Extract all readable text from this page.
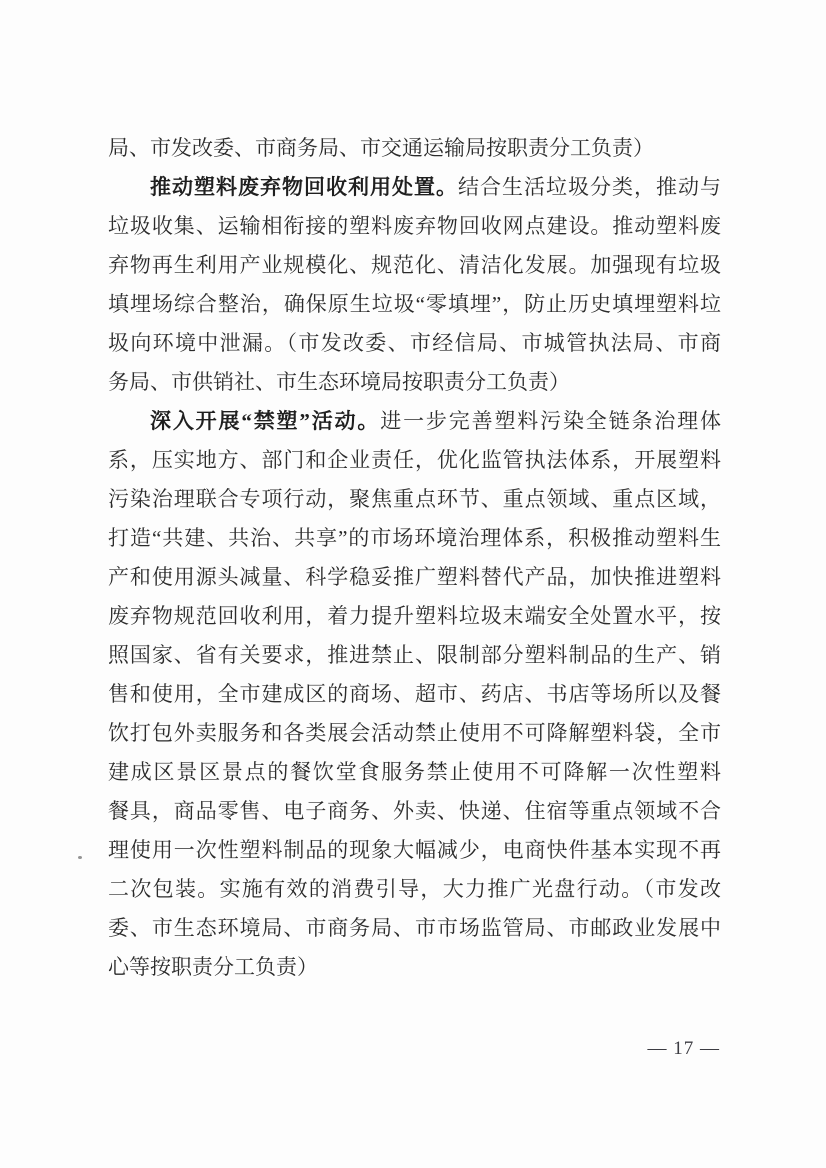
局、市发改委、市商务局、市交通运输局按职责分工负责）
推动塑料废弃物回收利用处置。结合生活垃圾分类，推动与
垃圾收集、运输相衔接的塑料废弃物回收网点建设。推动塑料废
弃物再生利用产业规模化、规范化、清洁化发展。加强现有垃圾
填埋场综合整治，确保原生垃圾“零填埋”，防止历史填埋塑料垃
圾向环境中泄漏。（市发改委、市经信局、市城管执法局、市商
务局、市供销社、市生态环境局按职责分工负责）
深入开展“禁塑”活动。进一步完善塑料污染全链条治理体
系，压实地方、部门和企业责任，优化监管执法体系，开展塑料
污染治理联合专项行动，聚焦重点环节、重点领域、重点区域，
打造“共建、共治、共享”的市场环境治理体系，积极推动塑料生
产和使用源头减量、科学稳妥推广塑料替代产品，加快推进塑料
废弃物规范回收利用，着力提升塑料垃圾末端安全处置水平，按
照国家、省有关要求，推进禁止、限制部分塑料制品的生产、销
售和使用，全市建成区的商场、超市、药店、书店等场所以及餐
饮打包外卖服务和各类展会活动禁止使用不可降解塑料袋，全市
建成区景区景点的餐饮堂食服务禁止使用不可降解一次性塑料
餐具，商品零售、电子商务、外卖、快递、住宿等重点领域不合
理使用一次性塑料制品的现象大幅减少，电商快件基本实现不再
二次包装。实施有效的消费引导，大力推广光盘行动。（市发改
委、市生态环境局、市商务局、市市场监管局、市邮政业发展中
心等按职责分工负责）
— 17 —
